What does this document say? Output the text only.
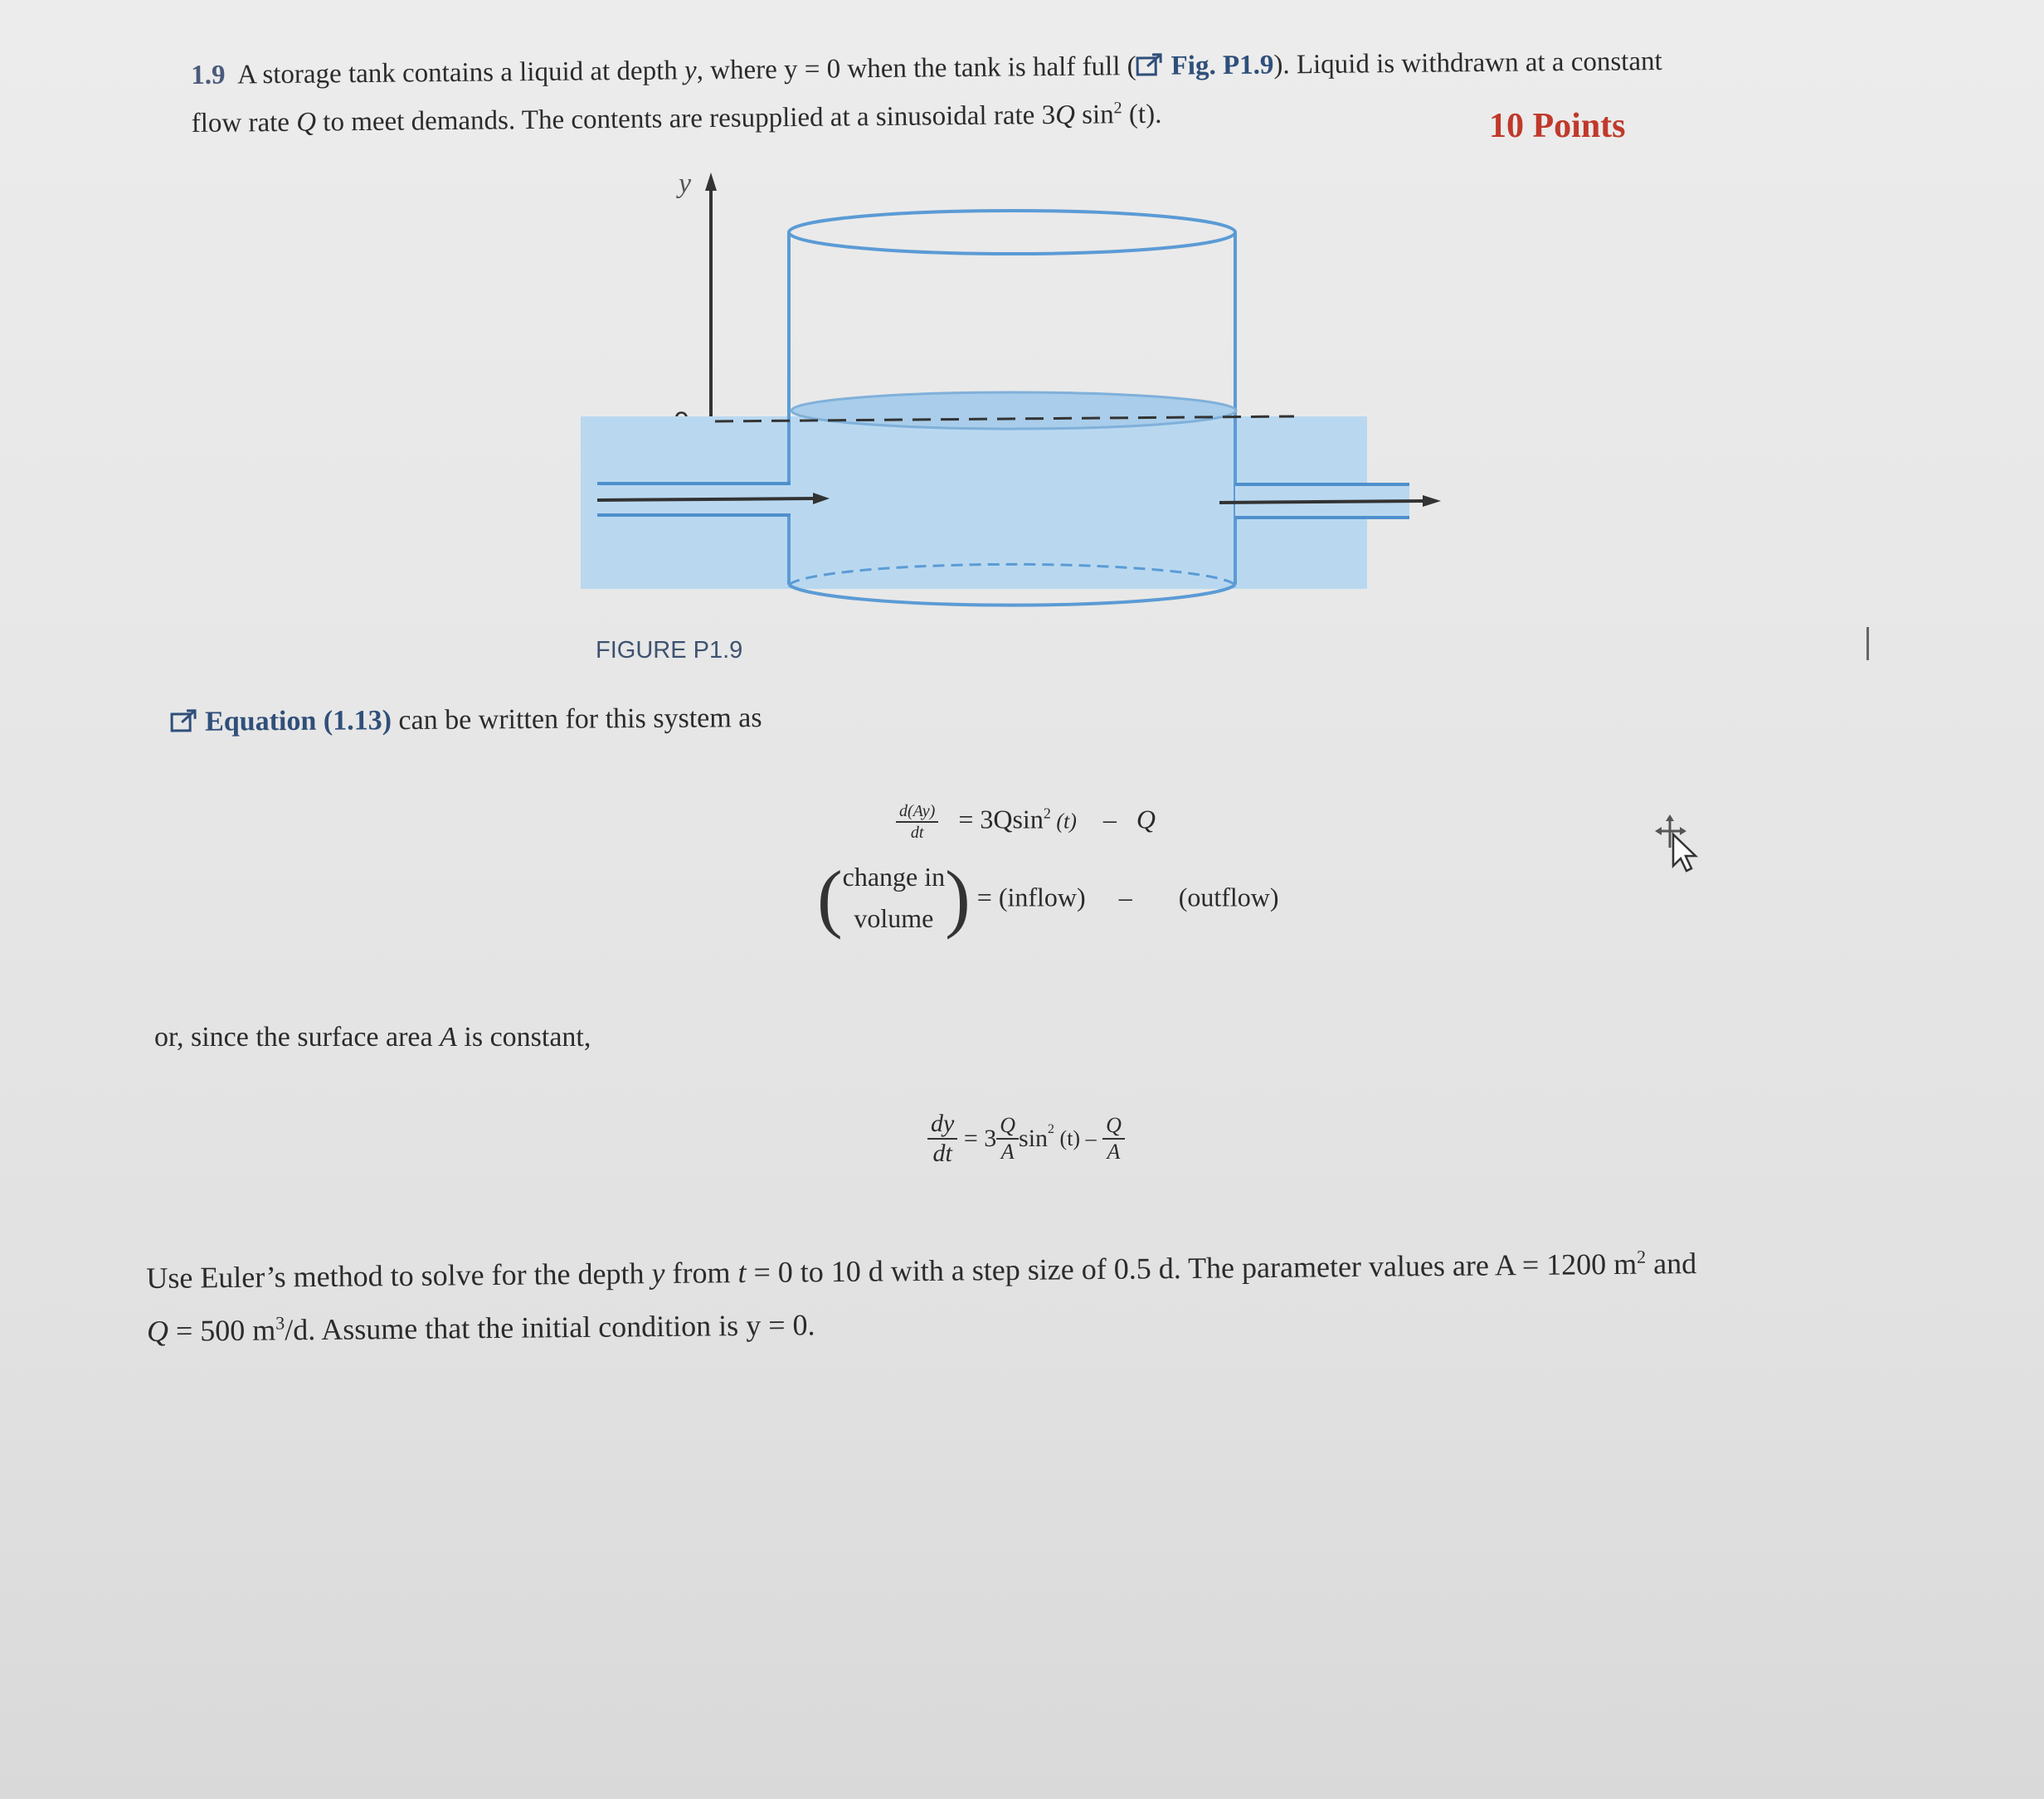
1.9 A storage tank contains a liquid at depth y, where y = 0 when the tank is half full ( Fig. P1.9). Liquid is withdrawn at a constant
flow rate Q to meet demands. The contents are resupplied at a sinusoidal rate 3Q $\sin^2 (t)$.	10 Points
y
FIGURE P1.9
Equation (1.13) can be written for this system as
$\frac{d(Ay)}{dt} = 3Qsin^2$ (t) – Q
( change in
volume ) = (inflow) – (outflow)
or, since the surface area A is constant,
$\frac{dy}{dt} = 3 \frac{Q}{A} \sin^2 (t) - \frac{Q}{A}$
Use Euler’s method to solve for the depth y from t = 0 to 10 d with a step size of 0.5 d. The parameter values are A = 1200 $m^2$ and
Q = 500 $m^3/d$. Assume that the initial condition is y = 0.
